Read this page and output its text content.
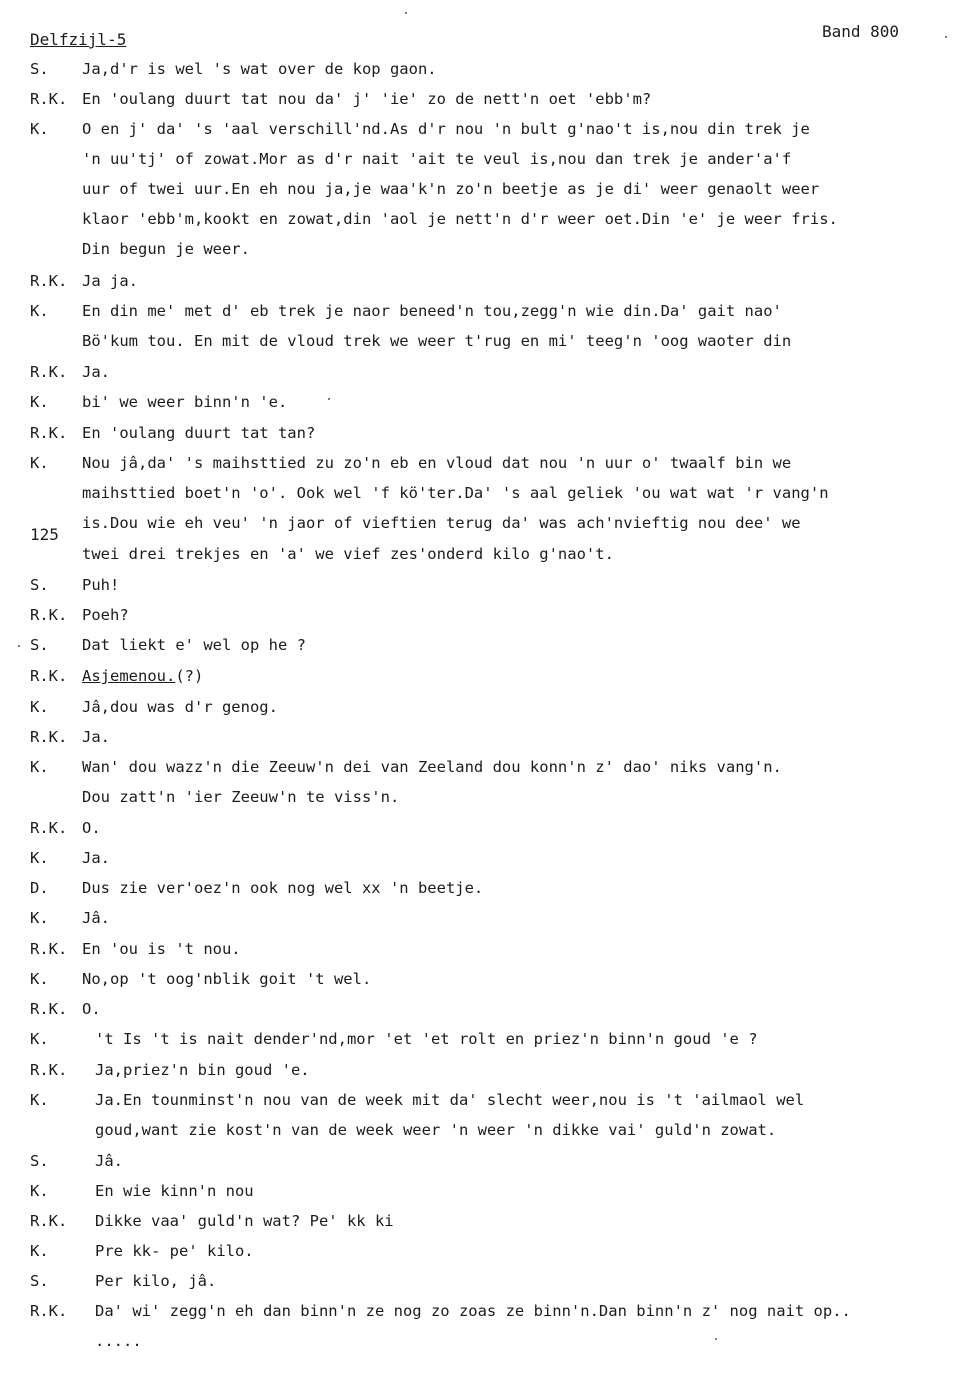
Delfzijl-5	Band 800
125
S. Ja,d'r is wel 's wat over de kop gaon.
R.K. En 'oulang duurt tat nou da' j' 'ie' zo de nett'n oet 'ebb'm?
K. O en j' da' 's 'aal verschill'nd.As d'r nou 'n bult g'nao't is,nou din trek je
'n uu'tj' of zowat.Mor as d'r nait 'ait te veul is,nou dan trek je ander'a'f
uur of twei uur.En eh nou ja,je waa'k'n zo'n beetje as je di' weer genaolt weer
klaor 'ebb'm,kookt en zowat,din 'aol je nett'n d'r weer oet.Din 'e' je weer fris.
Din begun je weer.
R.K. Ja ja.
K. En din me' met d' eb trek je naor beneed'n tou,zegg'n wie din.Da' gait nao'
Bö'kum tou. En mit de vloud trek we weer t'rug en mi' teeg'n 'oog waoter din
R.K. Ja.
K. bi' we weer binn'n 'e.
R.K. En 'oulang duurt tat tan?
K. Nou jâ,da' 's maihsttied zu zo'n eb en vloud dat nou 'n uur o' twaalf bin we
maihsttied boet'n 'o'. Ook wel 'f kö'ter.Da' 's aal geliek 'ou wat wat 'r vang'n
is.Dou wie eh veu' 'n jaor of vieftien terug da' was ach'nvieftig nou dee' we
twei drei trekjes en 'a' we vief zes'onderd kilo g'nao't.
S. Puh!
R.K. Poeh?
S. Dat liekt e' wel op he ?
R.K. Asjemenou.(?)
K. Jâ,dou was d'r genog.
R.K. Ja.
K. Wan' dou wazz'n die Zeeuw'n dei van Zeeland dou konn'n z' dao' niks vang'n.
Dou zatt'n 'ier Zeeuw'n te viss'n.
R.K. O.
K. Ja.
D. Dus zie ver'oez'n ook nog wel xx 'n beetje.
K. Jâ.
R.K. En 'ou is 't nou.
K. No,op 't oog'nblik goit 't wel.
R.K. O.
K.	't Is 't is nait dender'nd,mor 'et 'et rolt en priez'n binn'n goud 'e ?
R.K. Ja,priez'n bin goud 'e.
K.	Ja.En tounminst'n nou van de week mit da' slecht weer,nou is 't 'ailmaol wel
goud,want zie kost'n van de week weer 'n weer 'n dikke vai' guld'n zowat.
S.	Jâ.
K.	En wie kinn'n nou
R.K. Dikke vaa' guld'n wat? Pe' kk ki
K.	Pre kk- pe' kilo.
S.	Per kilo, jâ.
R.K. Da' wi' zegg'n eh dan binn'n ze nog zo zoas ze binn'n.Dan binn'n z' nog nait op..
.....
